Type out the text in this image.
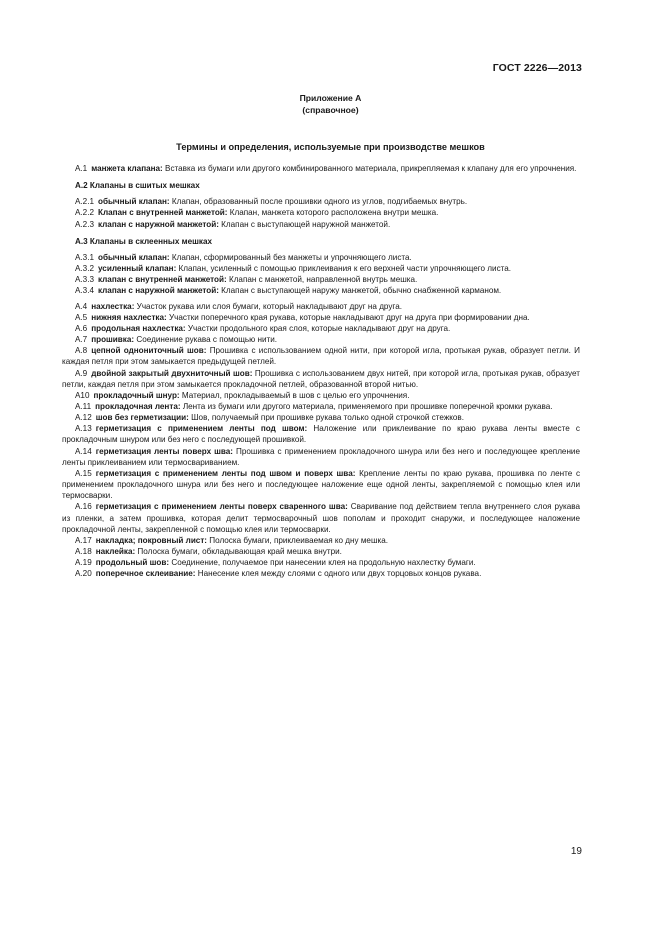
ГОСТ 2226—2013
Приложение А
(справочное)
Термины и определения, используемые при производстве мешков

А.1 манжета клапана: Вставка из бумаги или другого комбинированного материала, прикрепляемая к клапану для его упрочнения.

А.2 Клапаны в сшитых мешках

А.2.1 обычный клапан: Клапан, образованный после прошивки одного из углов, подгибаемых внутрь.

А.2.2 Клапан с внутренней манжетой: Клапан, манжета которого расположена внутри мешка.

А.2.3 клапан с наружной манжетой: Клапан с выступающей наружной манжетой.

А.3 Клапаны в склеенных мешках

А.3.1 обычный клапан: Клапан, сформированный без манжеты и упрочняющего листа.

А.3.2 усиленный клапан: Клапан, усиленный с помощью приклеивания к его верхней части упрочняющего листа.

А.3.3 клапан с внутренней манжетой: Клапан с манжетой, направленной внутрь мешка.

А.3.4 клапан с наружной манжетой: Клапан с выступающей наружу манжетой, обычно снабженной карманом.

А.4 нахлестка: Участок рукава или слоя бумаги, который накладывают друг на друга.

А.5 нижняя нахлестка: Участки поперечного края рукава, которые накладывают друг на друга при формировании дна.

А.6 продольная нахлестка: Участки продольного края слоя, которые накладывают друг на друга.

А.7 прошивка: Соединение рукава с помощью нити.

А.8 цепной однониточный шов: Прошивка с использованием одной нити, при которой игла, протыкая рукав, образует петли. И каждая петля при этом замыкается предыдущей петлей.

А.9 двойной закрытый двухниточный шов: Прошивка с использованием двух нитей, при которой игла, протыкая рукав, образует петли, каждая петля при этом замыкается прокладочной петлей, образованной второй нитью.

А10 прокладочный шнур: Материал, прокладываемый в шов с целью его упрочнения.

А.11 прокладочная лента: Лента из бумаги или другого материала, применяемого при прошивке поперечной кромки рукава.

А.12 шов без герметизации: Шов, получаемый при прошивке рукава только одной строчкой стежков.

А.13 герметизация с применением ленты под швом: Наложение или приклеивание по краю рукава ленты вместе с прокладочным шнуром или без него с последующей прошивкой.

А.14 герметизация ленты поверх шва: Прошивка с применением прокладочного шнура или без него и последующее крепление ленты приклеиванием или термосвариванием.

А.15 герметизация с применением ленты под швом и поверх шва: Крепление ленты по краю рукава, прошивка по ленте с применением прокладочного шнура или без него и последующее наложение еще одной ленты, закрепляемой с помощью клея или термосварки.

А.16 герметизация с применением ленты поверх сваренного шва: Сваривание под действием тепла внутреннего слоя рукава из пленки, а затем прошивка, которая делит термосварочный шов пополам и проходит снаружи, и последующее наложение прокладочной ленты, закрепленной с помощью клея или термосварки.

А.17 накладка; покровный лист: Полоска бумаги, приклеиваемая ко дну мешка.

А.18 наклейка: Полоска бумаги, обкладывающая край мешка внутри.

А.19 продольный шов: Соединение, получаемое при нанесении клея на продольную нахлестку бумаги.

А.20 поперечное склеивание: Нанесение клея между слоями с одного или двух торцовых концов рукава.

19
